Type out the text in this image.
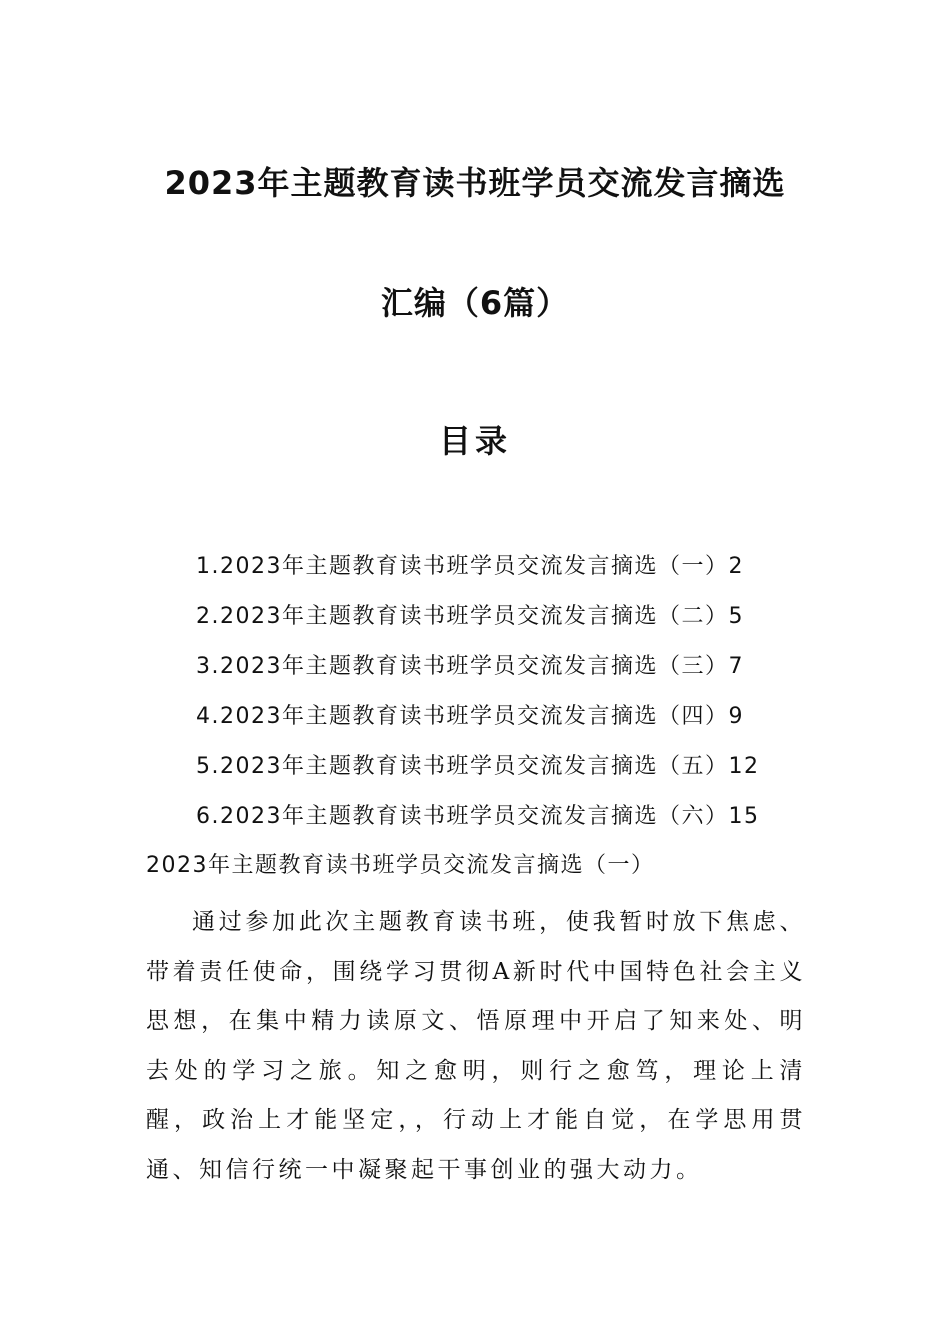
2023年主题教育读书班学员交流发言摘选
汇编（6篇）
目录
1.2023年主题教育读书班学员交流发言摘选（一）2
2.2023年主题教育读书班学员交流发言摘选（二）5
3.2023年主题教育读书班学员交流发言摘选（三）7
4.2023年主题教育读书班学员交流发言摘选（四）9
5.2023年主题教育读书班学员交流发言摘选（五）12
6.2023年主题教育读书班学员交流发言摘选（六）15
2023年主题教育读书班学员交流发言摘选（一）

通过参加此次主题教育读书班，使我暂时放下焦虑、带着责任使命，围绕学习贯彻A新时代中国特色社会主义思想，在集中精力读原文、悟原理中开启了知来处、明去处的学习之旅。知之愈明，则行之愈笃，理论上清醒，政治上才能坚定，，行动上才能自觉，在学思用贯通、知信行统一中凝聚起干事创业的强大动力。
